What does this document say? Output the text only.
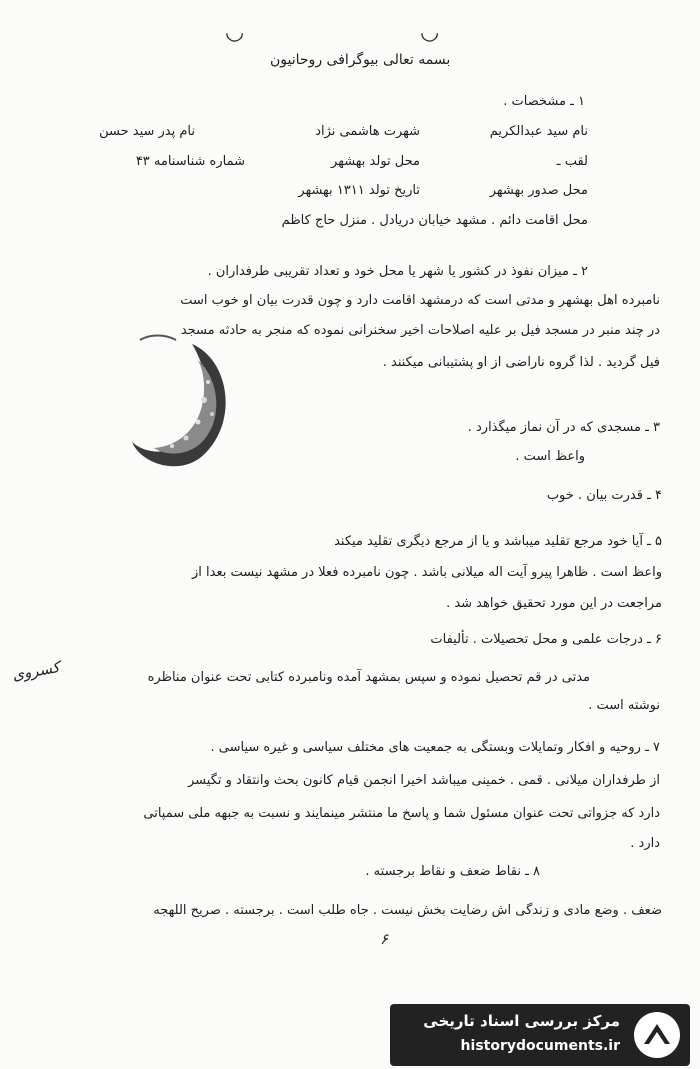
◡	◡
بسمه تعالی بیوگرافی روحانیون
۱ ـ مشخصات .
نام سید عبدالکریم
شهرت هاشمی نژاد
نام پدر سید حسن
لقب ـ
محل تولد بهشهر
شماره شناسنامه ۴۳
محل صدور بهشهر
تاریخ تولد ۱۳۱۱ بهشهر
محل اقامت دائم . مشهد خیابان دریادل . منزل حاج کاظم
۲ ـ میزان نفوذ در کشور یا شهر یا محل خود و تعداد تقریبی طرفداران .
نامبرده اهل بهشهر و مدتی است که درمشهد اقامت دارد و چون قدرت بیان او خوب است
در چند منبر در مسجد فیل بر علیه اصلاحات اخیر سخنرانی نموده که منجر به حادثه مسجد
فیل گردید . لذا گروه ناراضی از او پشتیبانی میکنند .
۳ ـ مسجدی که در آن نماز میگذارد .
واعظ است .
۴ ـ قدرت بیان . خوب
۵ ـ آیا خود مرجع تقلید میباشد و یا از مرجع دیگری تقلید میکند
واعظ است . ظاهرا پیرو آیت اله میلانی باشد . چون نامبرده فعلا در مشهد نیست بعدا از
مراجعت در این مورد تحقیق خواهد شد .
۶ ـ درجات علمی و محل تحصیلات . تألیفات
مدتی در قم تحصیل نموده و سپس بمشهد آمده ونامبرده کتابی تحت عنوان مناظره
کسروی
نوشته است .
۷ ـ روحیه و افکار وتمایلات وبستگی به جمعیت های مختلف سیاسی و غیره سیاسی .
از طرفداران میلانی . قمی . خمینی میباشد اخیرا انجمن قیام کانون بحث وانتقاد و تگیسر
دارد که جزواتی تحت عنوان مسئول شما و پاسخ ما منتشر مینمایند و نسبت به جبهه ملی سمپاتی
دارد .
۸ ـ نقاط ضعف و نقاط برجسته .
ضعف . وضع مادی و زندگی اش رضایت بخش نیست . جاه طلب است . برجسته . صریح اللهجه
۶
مرکز بررسی اسناد تاریخی
historydocuments.ir
